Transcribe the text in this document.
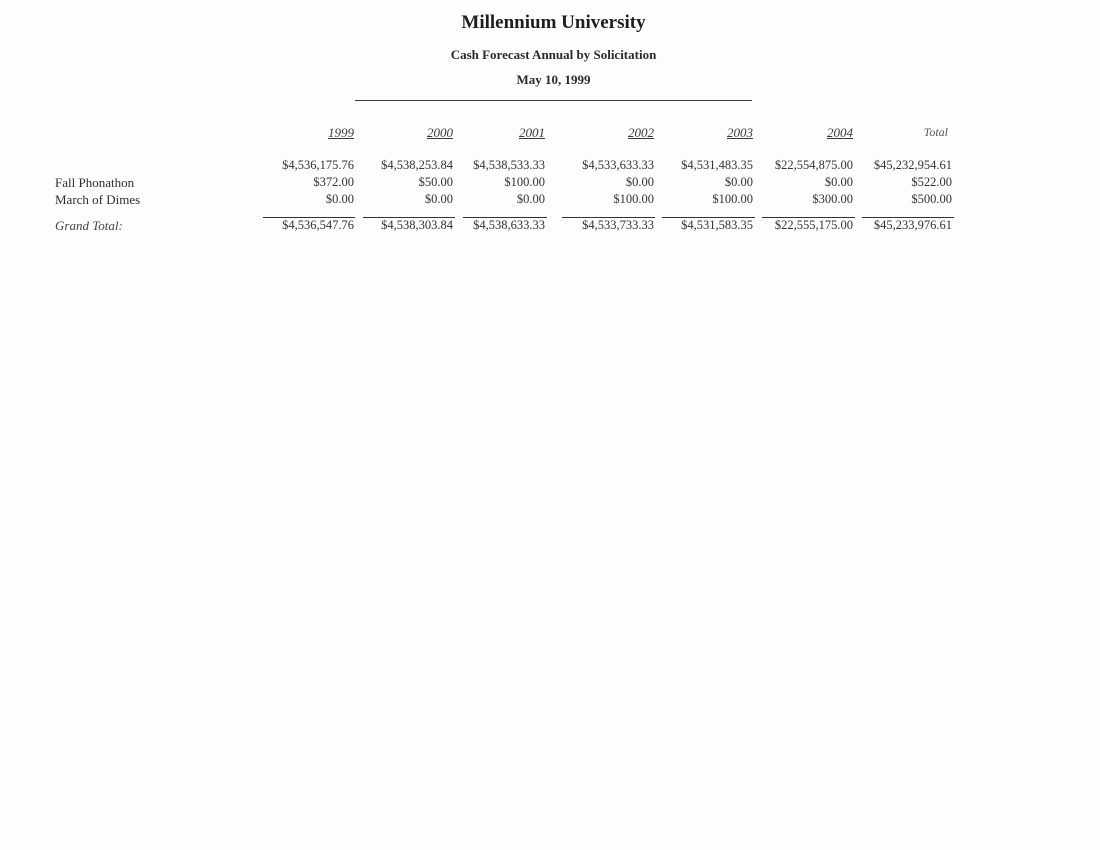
Millennium University
Cash Forecast Annual by Solicitation
May 10, 1999
1999	2000	2001	2002	2003	2004	Total
$4,536,175.76 $4,538,253.84 $4,538,533.33	$4,533,633.33 $4,531,483.35 $22,554,875.00 $45,232,954.61
Fall Phonathon	$372.00	$50.00	$100.00	$0.00	$0.00	$0.00	$522.00
March of Dimes	$0.00	$0.00	$0.00	$100.00	$100.00	$300.00	$500.00
Grand Total:	$4,536,547.76 $4,538,303.84 $4,538,633.33	$4,533,733.33 $4,531,583.35 $22,555,175.00 $45,233,976.61
